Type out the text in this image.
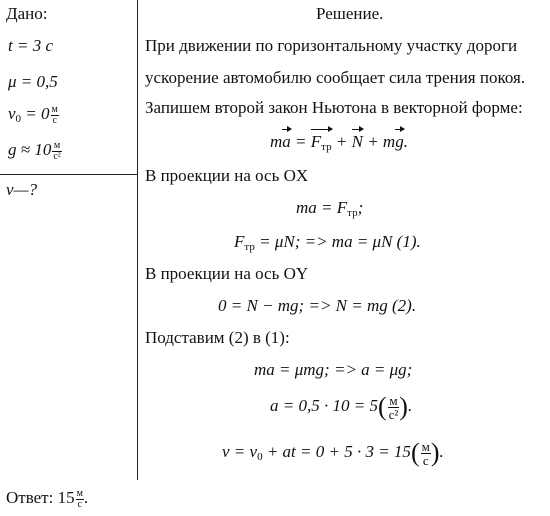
Дано:
t = 3 с
μ = 0,5
$v_0 = 0 \frac{м}{с}$
$g \approx 10 \frac{м}{\text{с²}}$
v—?
Решение.
При движении по горизонтальному участку дороги
ускорение автомобилю сообщает сила трения покоя.
Запишем второй закон Ньютона в векторной форме:
ma = $F_{тр} + N$ + mg.
В проекции на ось OX
ma = $F_{тр}$;
$F_{тр} = \mu N$; => ma = μN (1).
В проекции на ось OY
0 = N − mg; => N = mg (2).
Подставим (2) в (1):
ma = μmg; => a = μg;
$a = 0,5 \cdot 10 = 5( \frac{м}{\text{с²}}$ ).
$v = v_0$ + at = $0 + 5 \cdot 3 = 15( \frac{м}{с}$ ).
Ответ: $15 \frac{м}{с}$ .
